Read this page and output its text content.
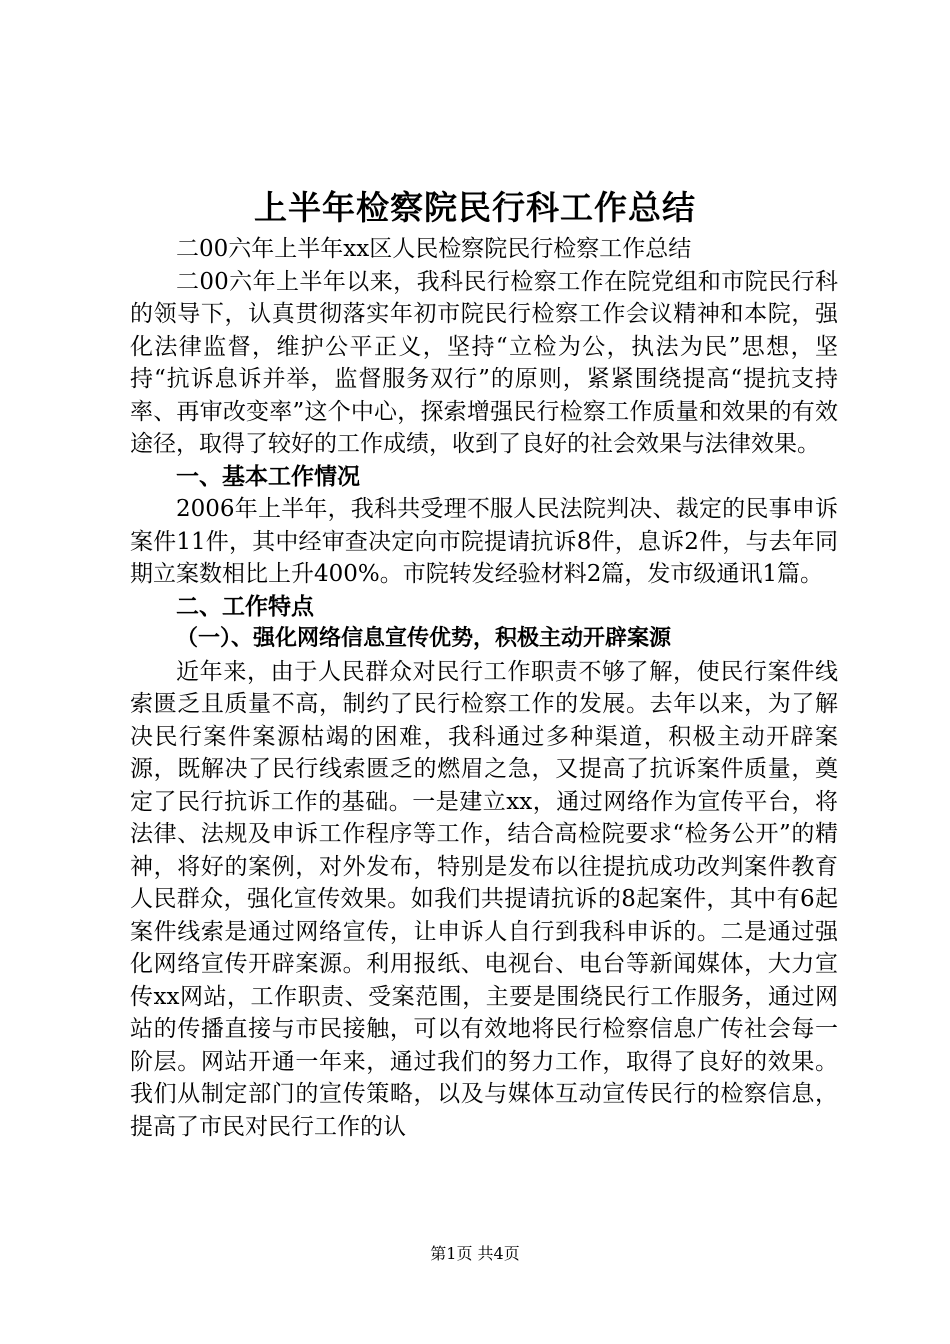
上半年检察院民行科工作总结

二00六年上半年xx区人民检察院民行检察工作总结

二00六年上半年以来，我科民行检察工作在院党组和市院民行科的领导下，认真贯彻落实年初市院民行检察工作会议精神和本院，强化法律监督，维护公平正义，坚持“立检为公，执法为民”思想，坚持“抗诉息诉并举，监督服务双行”的原则，紧紧围绕提高“提抗支持率、再审改变率”这个中心，探索增强民行检察工作质量和效果的有效途径，取得了较好的工作成绩，收到了良好的社会效果与法律效果。

一、基本工作情况

2006年上半年，我科共受理不服人民法院判决、裁定的民事申诉案件11件，其中经审查决定向市院提请抗诉8件，息诉2件，与去年同期立案数相比上升400%。市院转发经验材料2篇，发市级通讯1篇。

二、工作特点

（一）、强化网络信息宣传优势，积极主动开辟案源

近年来，由于人民群众对民行工作职责不够了解，使民行案件线索匮乏且质量不高，制约了民行检察工作的发展。去年以来，为了解决民行案件案源枯竭的困难，我科通过多种渠道，积极主动开辟案源，既解决了民行线索匮乏的燃眉之急，又提高了抗诉案件质量，奠定了民行抗诉工作的基础。一是建立xx，通过网络作为宣传平台，将法律、法规及申诉工作程序等工作，结合高检院要求“检务公开”的精神，将好的案例，对外发布，特别是发布以往提抗成功改判案件教育人民群众，强化宣传效果。如我们共提请抗诉的8起案件，其中有6起案件线索是通过网络宣传，让申诉人自行到我科申诉的。二是通过强化网络宣传开辟案源。利用报纸、电视台、电台等新闻媒体，大力宣传xx网站，工作职责、受案范围，主要是围绕民行工作服务，通过网站的传播直接与市民接触，可以有效地将民行检察信息广传社会每一阶层。网站开通一年来，通过我们的努力工作，取得了良好的效果。我们从制定部门的宣传策略，以及与媒体互动宣传民行的检察信息，提高了市民对民行工作的认

第1页 共4页
